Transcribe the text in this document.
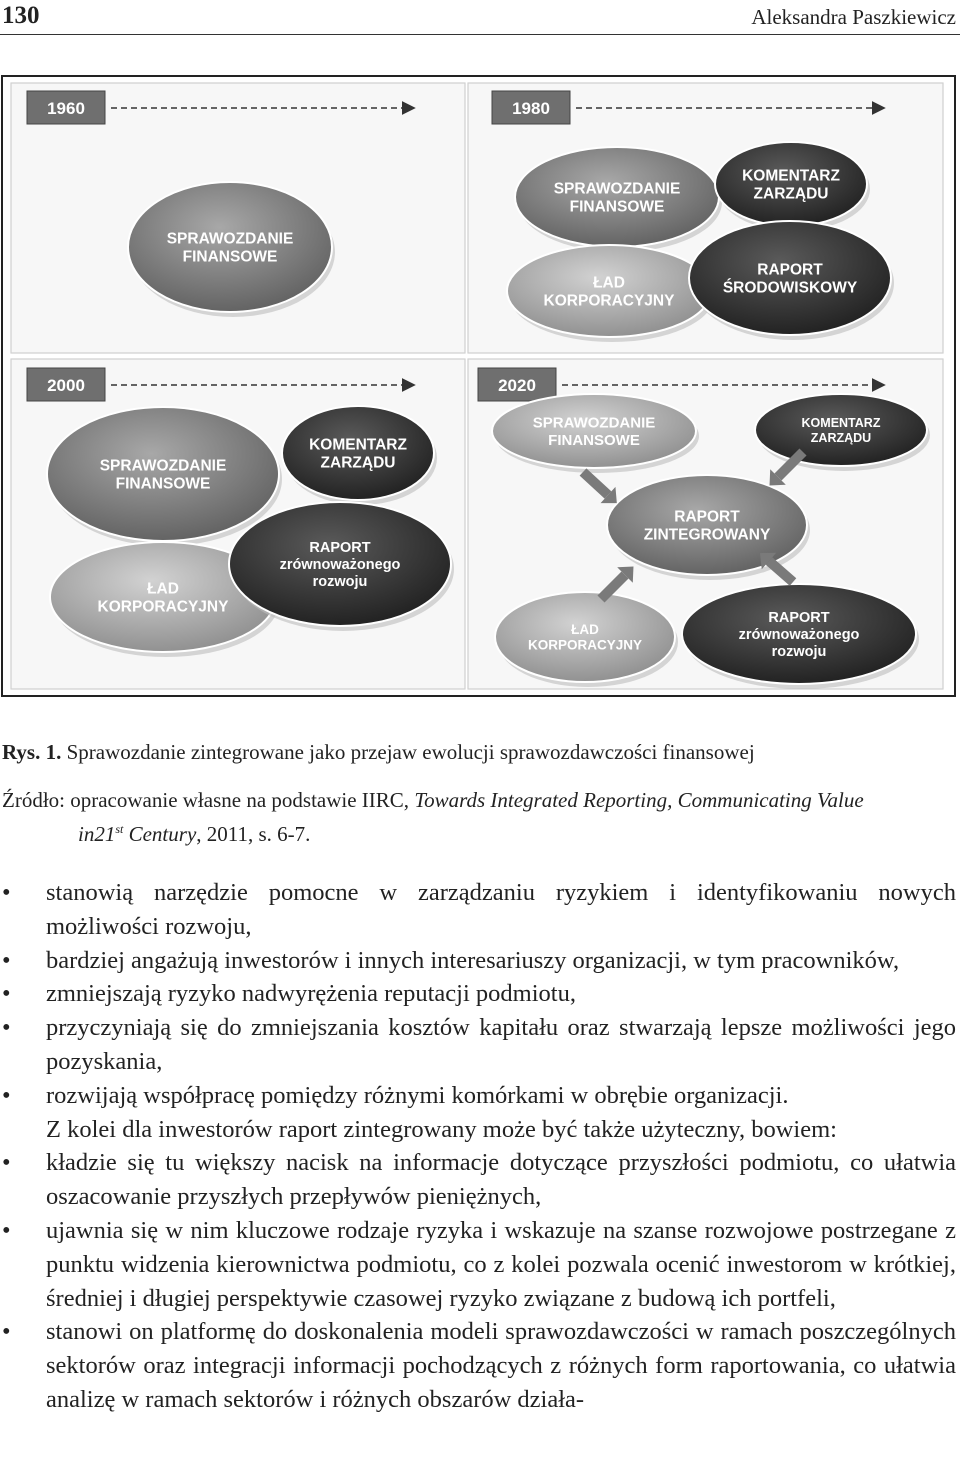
130	Aleksandra Paszkiewicz
1960
SPRAWOZDANIE
FINANSOWE
1980
SPRAWOZDANIE
FINANSOWE
KOMENTARZ
ZARZĄDU
ŁAD
KORPORACYJNY
RAPORT
ŚRODOWISKOWY
2000
SPRAWOZDANIE
FINANSOWE
KOMENTARZ
ZARZĄDU
ŁAD
KORPORACYJNY
RAPORT
zrównoważonego
rozwoju
2020
SPRAWOZDANIE
FINANSOWE
KOMENTARZ
ZARZĄDU
RAPORT
ZINTEGROWANY
ŁAD
KORPORACYJNY
RAPORT
zrównoważonego
rozwoju
Rys. 1. Sprawozdanie zintegrowane jako przejaw ewolucji sprawozdawczości finansowej
Źródło: opracowanie własne na podstawie IIRC, Towards Integrated Reporting, Communicating Value
in21st Century, 2011, s. 6-7.
• stanowią narzędzie pomocne w zarządzaniu ryzykiem i identyfikowaniu nowych możliwości rozwoju,
• bardziej angażują inwestorów i innych interesariuszy organizacji, w tym pracowników,
• zmniejszają ryzyko nadwyrężenia reputacji podmiotu,
• przyczyniają się do zmniejszania kosztów kapitału oraz stwarzają lepsze możliwości jego pozyskania,
• rozwijają współpracę pomiędzy różnymi komórkami w obrębie organizacji.
Z kolei dla inwestorów raport zintegrowany może być także użyteczny, bowiem:
• kładzie się tu większy nacisk na informacje dotyczące przyszłości podmiotu, co ułatwia oszacowanie przyszłych przepływów pieniężnych,
• ujawnia się w nim kluczowe rodzaje ryzyka i wskazuje na szanse rozwojowe postrzegane z punktu widzenia kierownictwa podmiotu, co z kolei pozwala ocenić inwestorom w krótkiej, średniej i długiej perspektywie czasowej ryzyko związane z budową ich portfeli,
• stanowi on platformę do doskonalenia modeli sprawozdawczości w ramach poszczególnych sektorów oraz integracji informacji pochodzących z różnych form raportowania, co ułatwia analizę w ramach sektorów i różnych obszarów działa-
